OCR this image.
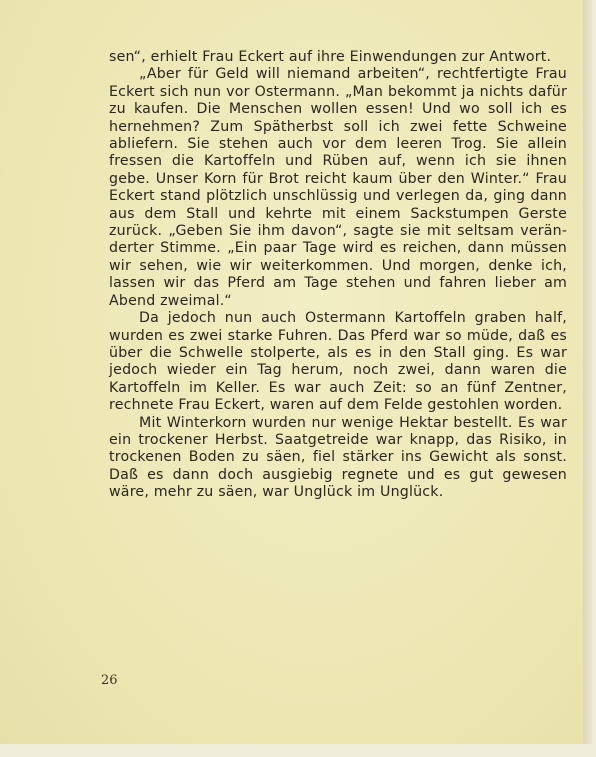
sen“, erhielt Frau Eckert auf ihre Einwendungen zur Antwort.

„Aber für Geld will niemand arbeiten“, rechtfertigte Frau Eckert sich nun vor Ostermann. „Man bekommt ja nichts dafür zu kaufen. Die Menschen wollen essen! Und wo soll ich es hernehmen? Zum Spätherbst soll ich zwei fette Schweine abliefern. Sie stehen auch vor dem leeren Trog. Sie allein fressen die Kartoffeln und Rüben auf, wenn ich sie ihnen gebe. Unser Korn für Brot reicht kaum über den Winter.“ Frau Eckert stand plötzlich unschlüssig und verlegen da, ging dann aus dem Stall und kehrte mit einem Sackstumpen Gerste zurück. „Geben Sie ihm davon“, sagte sie mit seltsam veränderter Stimme. „Ein paar Tage wird es reichen, dann müssen wir sehen, wie wir weiterkommen. Und morgen, denke ich, lassen wir das Pferd am Tage stehen und fahren lieber am Abend zweimal.“

Da jedoch nun auch Ostermann Kartoffeln graben half, wurden es zwei starke Fuhren. Das Pferd war so müde, daß es über die Schwelle stolperte, als es in den Stall ging. Es war jedoch wieder ein Tag herum, noch zwei, dann waren die Kartoffeln im Keller. Es war auch Zeit: so an fünf Zentner, rechnete Frau Eckert, waren auf dem Felde gestohlen worden.

Mit Winterkorn wurden nur wenige Hektar bestellt. Es war ein trockener Herbst. Saatgetreide war knapp, das Risiko, in trockenen Boden zu säen, fiel stärker ins Gewicht als sonst. Daß es dann doch ausgiebig regnete und es gut gewesen wäre, mehr zu säen, war Unglück im Unglück.

26
